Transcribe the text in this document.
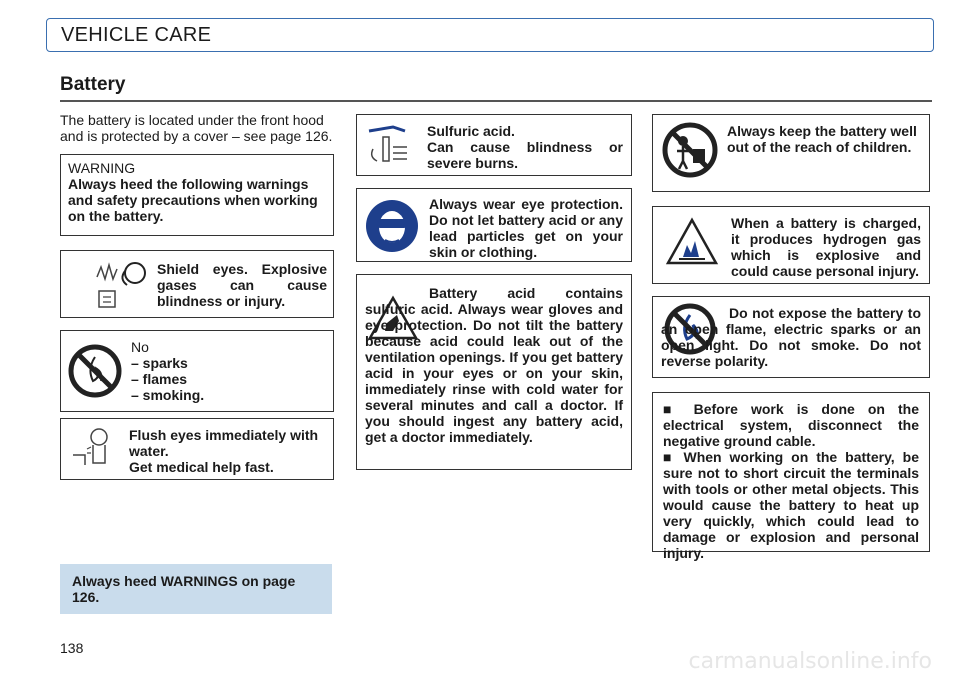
VEHICLE CARE
Battery
The battery is located under the front hood and is protected by a cover – see page 126.
WARNING
Always heed the following warnings and safety precautions when working on the battery.
Shield eyes. Explosive gases can cause blindness or injury.
No
– sparks
– flames
– smoking.
Flush eyes immediately with water.
Get medical help fast.
Always heed WARNINGS on page 126.
138
Sulfuric acid.
Can cause blindness or severe burns.
Always wear eye protection. Do not let battery acid or any lead particles get on your skin or clothing.
Battery acid contains sulfuric acid. Always wear gloves and eye protection. Do not tilt the battery because acid could leak out of the ventilation openings. If you get battery acid in your eyes or on your skin, immediately rinse with cold water for several minutes and call a doctor. If you should ingest any battery acid, get a doctor immediately.
Always keep the battery well out of the reach of children.
When a battery is charged, it produces hydrogen gas which is explosive and could cause personal injury.
Do not expose the battery to an open flame, electric sparks or an open light. Do not smoke. Do not reverse polarity.
■ Before work is done on the electrical system, disconnect the negative ground cable.
■ When working on the battery, be sure not to short circuit the terminals with tools or other metal objects. This would cause the battery to heat up very quickly, which could lead to damage or explosion and personal injury.
carmanualsonline.info
